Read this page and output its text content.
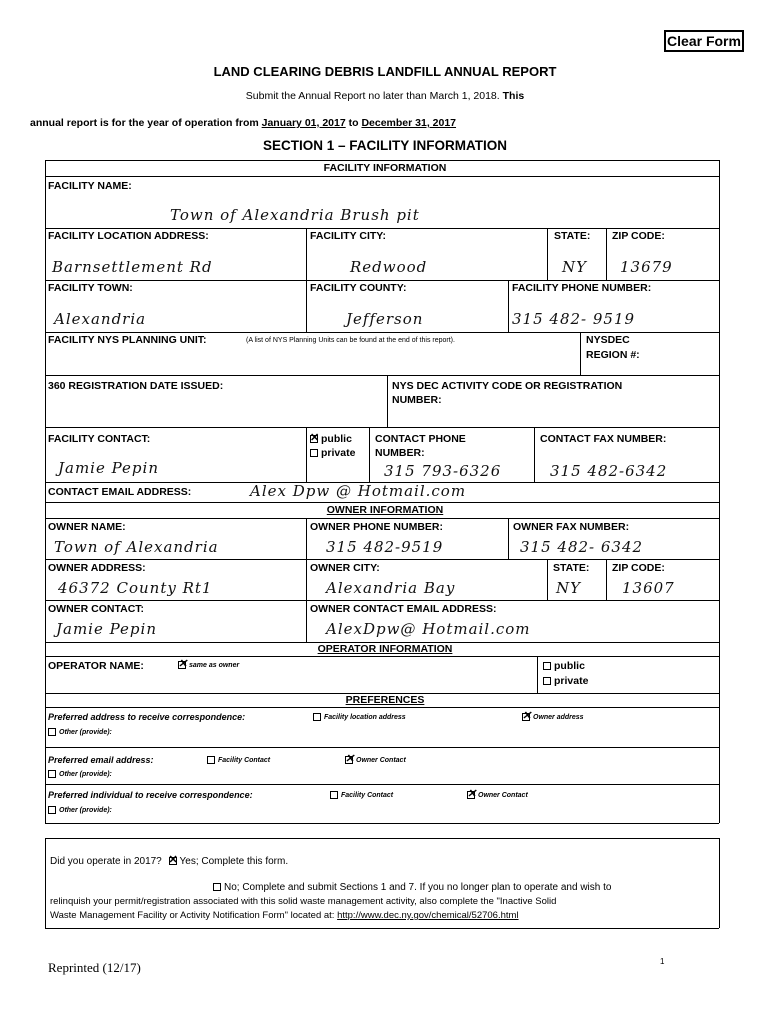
Clear Form
LAND CLEARING DEBRIS LANDFILL ANNUAL REPORT
Submit the Annual Report no later than March 1, 2018. This
annual report is for the year of operation from January 01, 2017 to December 31, 2017
SECTION 1 – FACILITY INFORMATION
FACILITY INFORMATION
FACILITY NAME:
Town of Alexandria Brush pit
FACILITY LOCATION ADDRESS:
Barnsettlement Rd
FACILITY CITY:
Redwood
STATE:
NY
ZIP CODE:
13679
FACILITY TOWN:
Alexandria
FACILITY COUNTY:
Jefferson
FACILITY PHONE NUMBER:
315 482- 9519
FACILITY NYS PLANNING UNIT:	(A list of NYS Planning Units can be found at the end of this report).	NYSDEC
REGION #:
360 REGISTRATION DATE ISSUED:	NYS DEC ACTIVITY CODE OR REGISTRATION
NUMBER:
FACILITY CONTACT:
Jamie Pepin
✕public
private
CONTACT PHONE
NUMBER:
315 793-6326
CONTACT FAX NUMBER:
315 482-6342
CONTACT EMAIL ADDRESS:	Alex Dpw @ Hotmail.com
OWNER INFORMATION
OWNER NAME:
Town of Alexandria
OWNER PHONE NUMBER:
315 482-9519
OWNER FAX NUMBER:
315 482- 6342
OWNER ADDRESS:
46372 County Rt1
OWNER CITY:
Alexandria Bay
STATE:
NY
ZIP CODE:
13607
OWNER CONTACT:
Jamie Pepin
OWNER CONTACT EMAIL ADDRESS:
AlexDpw@ Hotmail.com
OPERATOR INFORMATION
OPERATOR NAME: ✕	same as owner	public
private
PREFERENCES
Preferred address to receive correspondence:	Facility location address ✕	Owner address
Other (provide):
Preferred email address:	Facility Contact ✕	Owner Contact
Other (provide):
Preferred individual to receive correspondence:	Facility Contact ✕	Owner Contact
Other (provide):
Did you operate in 2017? ✕ Yes; Complete this form.
No; Complete and submit Sections 1 and 7. If you no longer plan to operate and wish to
relinquish your permit/registration associated with this solid waste management activity, also complete the "Inactive Solid
Waste Management Facility or Activity Notification Form" located at: http://www.dec.ny.gov/chemical/52706.html
Reprinted (12/17)	1
